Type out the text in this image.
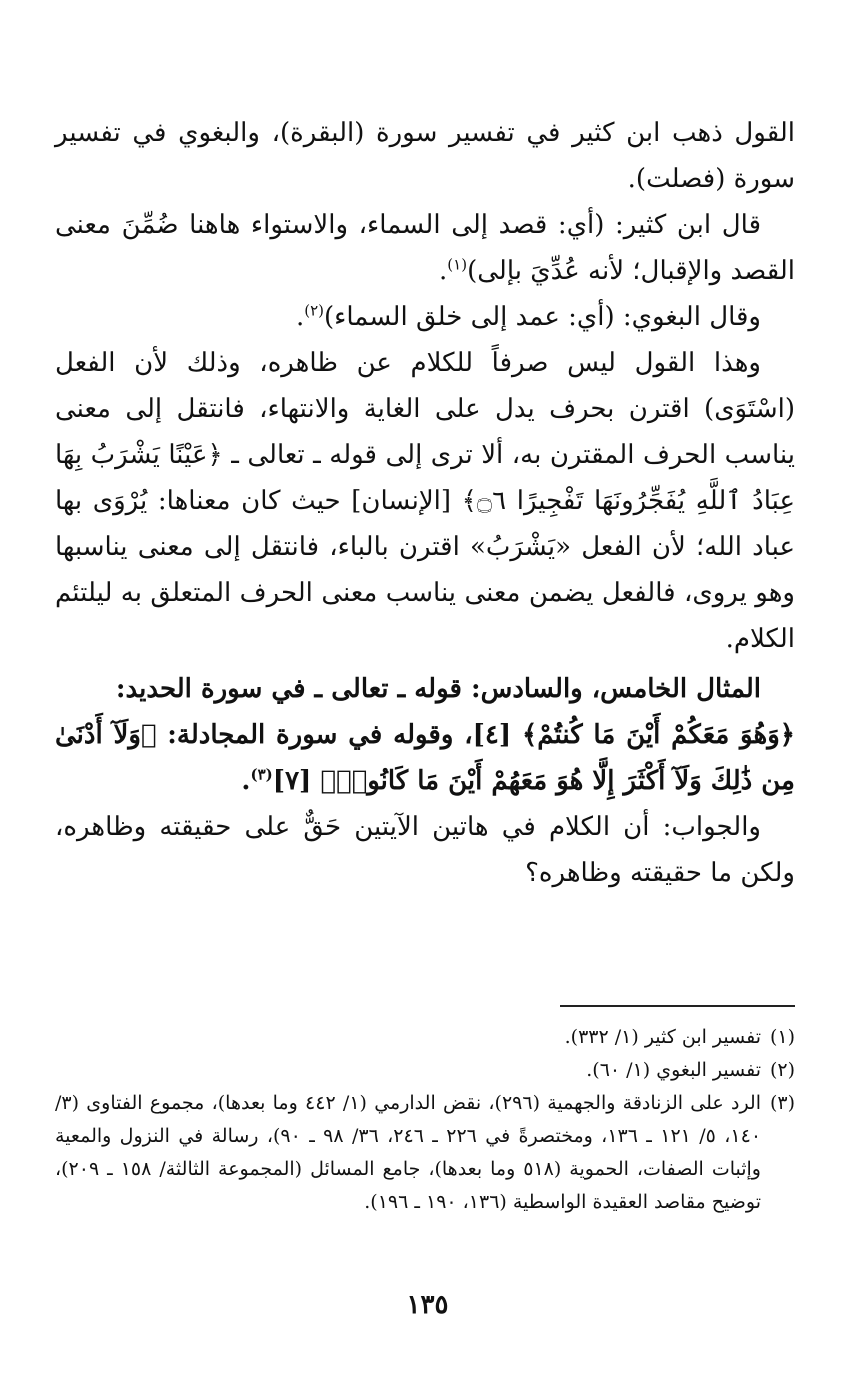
القول ذهب ابن كثير في تفسير سورة (البقرة)، والبغوي في تفسير سورة (فصلت).

قال ابن كثير: (أي: قصد إلى السماء، والاستواء هاهنا ضُمِّنَ معنى القصد والإقبال؛ لأنه عُدِّيَ بإلى)$^{(١)}$.

وقال البغوي: (أي: عمد إلى خلق السماء)$^{(٢)}$.

وهذا القول ليس صرفاً للكلام عن ظاهره، وذلك لأن الفعل (اسْتَوَى) اقترن بحرف يدل على الغاية والانتهاء، فانتقل إلى معنى يناسب الحرف المقترن به، ألا ترى إلى قوله ـ تعالى ـ ﴿عَيْنًا يَشْرَبُ بِهَا عِبَادُ ٱللَّهِ يُفَجِّرُونَهَا تَفْجِيرًا ۝٦﴾ [الإنسان] حيث كان معناها: يُرْوَى بها عباد الله؛ لأن الفعل «يَشْرَبُ» اقترن بالباء، فانتقل إلى معنى يناسبها وهو يروى، فالفعل يضمن معنى يناسب معنى الحرف المتعلق به ليلتئم الكلام.

المثال الخامس، والسادس: قوله ـ تعالى ـ في سورة الحديد:

﴿وَهُوَ مَعَكُمْ أَيْنَ مَا كُنتُمْ﴾ [٤]، وقوله في سورة المجادلة: ﴿وَلَآ أَدْنَىٰ مِن ذَٰلِكَ وَلَآ أَكْثَرَ إِلَّا هُوَ مَعَهُمْ أَيْنَ مَا كَانُوا۟﴾ [٧]$^{(٣)}$.

والجواب: أن الكلام في هاتين الآيتين حَقٌّ على حقيقته وظاهره، ولكن ما حقيقته وظاهره؟

(١)
تفسير ابن كثير (١/ ٣٣٢).
(٢)
تفسير البغوي (١/ ٦٠).
(٣)
الرد على الزنادقة والجهمية (٢٩٦)، نقض الدارمي (١/ ٤٤٢ وما بعدها)، مجموع الفتاوى (٣/ ١٤٠، ٥/ ١٢١ ـ ١٣٦، ومختصرةً في ٢٢٦ ـ ٢٤٦، ٣٦/ ٩٨ ـ ٩٠)، رسالة في النزول والمعية وإثبات الصفات، الحموية (٥١٨ وما بعدها)، جامع المسائل (المجموعة الثالثة/ ١٥٨ ـ ٢٠٩)، توضيح مقاصد العقيدة الواسطية (١٣٦، ١٩٠ ـ ١٩٦).
١٣٥
